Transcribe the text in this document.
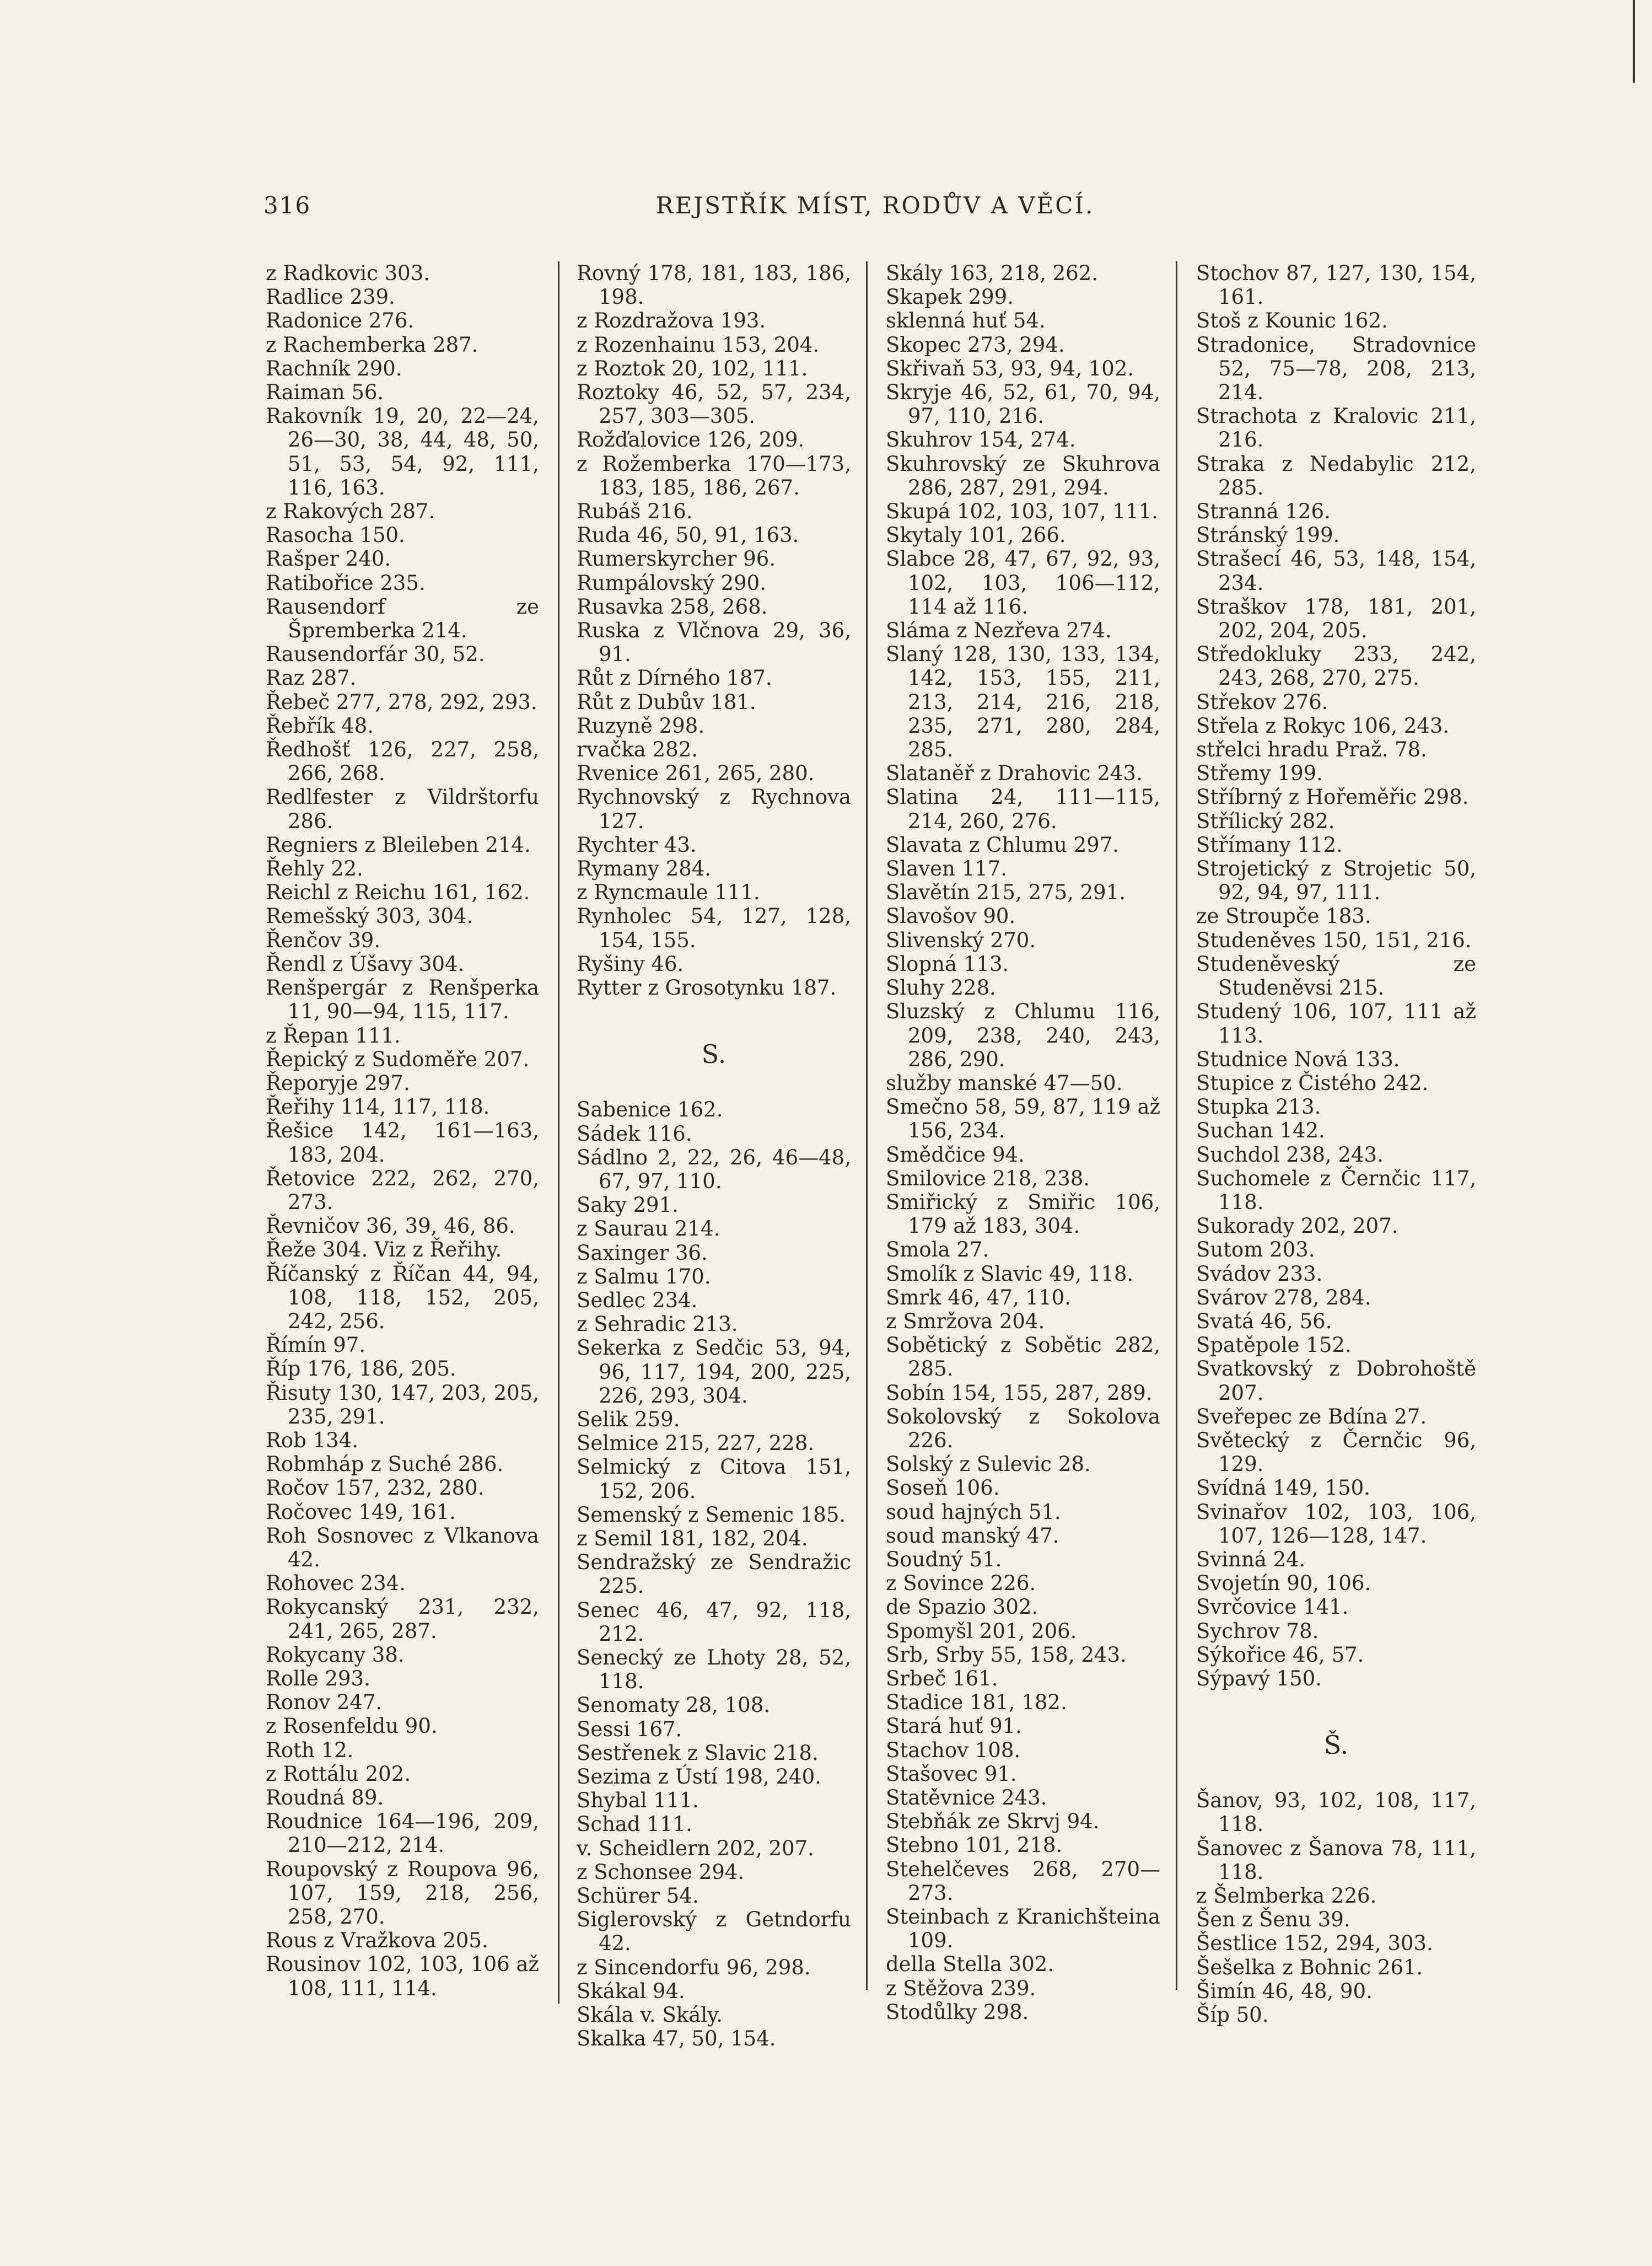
316	REJSTŘÍK MÍST, RODŮV A VĚCÍ.

z Radkovic 303.

Radlice 239.

Radonice 276.

z Rachemberka 287.

Rachník 290.

Raiman 56.

Rakovník 19, 20, 22—24, 26—30, 38, 44, 48, 50, 51, 53, 54, 92, 111, 116, 163.

z Rakových 287.

Rasocha 150.

Rašper 240.

Ratibořice 235.

Rausendorf ze Špremberka 214.

Rausendorfár 30, 52.

Raz 287.

Řebeč 277, 278, 292, 293.

Řebřík 48.

Ředhošť 126, 227, 258, 266, 268.

Redlfester z Vildrštorfu 286.

Regniers z Bleileben 214.

Řehly 22.

Reichl z Reichu 161, 162.

Remešský 303, 304.

Řenčov 39.

Řendl z Úšavy 304.

Renšpergár z Renšperka 11, 90—94, 115, 117.

z Řepan 111.

Řepický z Sudoměře 207.

Řeporyje 297.

Řeřihy 114, 117, 118.

Řešice 142, 161—163, 183, 204.

Řetovice 222, 262, 270, 273.

Řevničov 36, 39, 46, 86.

Řeže 304. Viz z Řeřihy.

Říčanský z Říčan 44, 94, 108, 118, 152, 205, 242, 256.

Římín 97.

Říp 176, 186, 205.

Řisuty 130, 147, 203, 205, 235, 291.

Rob 134.

Robmháp z Suché 286.

Ročov 157, 232, 280.

Ročovec 149, 161.

Roh Sosnovec z Vlkanova 42.

Rohovec 234.

Rokycanský 231, 232, 241, 265, 287.

Rokycany 38.

Rolle 293.

Ronov 247.

z Rosenfeldu 90.

Roth 12.

z Rottálu 202.

Roudná 89.

Roudnice 164—196, 209, 210—212, 214.

Roupovský z Roupova 96, 107, 159, 218, 256, 258, 270.

Rous z Vražkova 205.

Rousinov 102, 103, 106 až 108, 111, 114.

Rovný 178, 181, 183, 186, 198.

z Rozdražova 193.

z Rozenhainu 153, 204.

z Roztok 20, 102, 111.

Roztoky 46, 52, 57, 234, 257, 303—305.

Rožďalovice 126, 209.

z Rožemberka 170—173, 183, 185, 186, 267.

Rubáš 216.

Ruda 46, 50, 91, 163.

Rumerskyrcher 96.

Rumpálovský 290.

Rusavka 258, 268.

Ruska z Vlčnova 29, 36, 91.

Růt z Dírného 187.

Růt z Dubův 181.

Ruzyně 298.

rvačka 282.

Rvenice 261, 265, 280.

Rychnovský z Rychnova 127.

Rychter 43.

Rymany 284.

z Ryncmaule 111.

Rynholec 54, 127, 128, 154, 155.

Ryšiny 46.

Rytter z Grosotynku 187.

S.

Sabenice 162.

Sádek 116.

Sádlno 2, 22, 26, 46—48, 67, 97, 110.

Saky 291.

z Saurau 214.

Saxinger 36.

z Salmu 170.

Sedlec 234.

z Sehradic 213.

Sekerka z Sedčic 53, 94, 96, 117, 194, 200, 225, 226, 293, 304.

Selik 259.

Selmice 215, 227, 228.

Selmický z Citova 151, 152, 206.

Semenský z Semenic 185.

z Semil 181, 182, 204.

Sendražský ze Sendražic 225.

Senec 46, 47, 92, 118, 212.

Senecký ze Lhoty 28, 52, 118.

Senomaty 28, 108.

Sessi 167.

Sestřenek z Slavic 218.

Sezima z Ústí 198, 240.

Shybal 111.

Schad 111.

v. Scheidlern 202, 207.

z Schonsee 294.

Schürer 54.

Siglerovský z Getndorfu 42.

z Sincendorfu 96, 298.

Skákal 94.

Skála v. Skály.

Skalka 47, 50, 154.

Skály 163, 218, 262.

Skapek 299.

sklenná huť 54.

Skopec 273, 294.

Skřivaň 53, 93, 94, 102.

Skryje 46, 52, 61, 70, 94, 97, 110, 216.

Skuhrov 154, 274.

Skuhrovský ze Skuhrova 286, 287, 291, 294.

Skupá 102, 103, 107, 111.

Skytaly 101, 266.

Slabce 28, 47, 67, 92, 93, 102, 103, 106—112, 114 až 116.

Sláma z Nezřeva 274.

Slaný 128, 130, 133, 134, 142, 153, 155, 211, 213, 214, 216, 218, 235, 271, 280, 284, 285.

Slataněř z Drahovic 243.

Slatina 24, 111—115, 214, 260, 276.

Slavata z Chlumu 297.

Slaven 117.

Slavětín 215, 275, 291.

Slavošov 90.

Slivenský 270.

Slopná 113.

Sluhy 228.

Sluzský z Chlumu 116, 209, 238, 240, 243, 286, 290.

služby manské 47—50.

Smečno 58, 59, 87, 119 až 156, 234.

Smědčice 94.

Smilovice 218, 238.

Smiřický z Smiřic 106, 179 až 183, 304.

Smola 27.

Smolík z Slavic 49, 118.

Smrk 46, 47, 110.

z Smržova 204.

Sobětický z Sobětic 282, 285.

Sobín 154, 155, 287, 289.

Sokolovský z Sokolova 226.

Solský z Sulevic 28.

Soseň 106.

soud hajných 51.

soud manský 47.

Soudný 51.

z Sovince 226.

de Spazio 302.

Spomyšl 201, 206.

Srb, Srby 55, 158, 243.

Srbeč 161.

Stadice 181, 182.

Stará huť 91.

Stachov 108.

Stašovec 91.

Statěvnice 243.

Stebňák ze Skrvj 94.

Stebno 101, 218.

Stehelčeves 268, 270—273.

Steinbach z Kranichšteina 109.

della Stella 302.

z Stěžova 239.

Stodůlky 298.

Stochov 87, 127, 130, 154, 161.

Stoš z Kounic 162.

Stradonice, Stradovnice 52, 75—78, 208, 213, 214.

Strachota z Kralovic 211, 216.

Straka z Nedabylic 212, 285.

Stranná 126.

Stránský 199.

Strašecí 46, 53, 148, 154, 234.

Straškov 178, 181, 201, 202, 204, 205.

Středokluky 233, 242, 243, 268, 270, 275.

Střekov 276.

Střela z Rokyc 106, 243.

střelci hradu Praž. 78.

Střemy 199.

Stříbrný z Hořeměřic 298.

Střílický 282.

Střímany 112.

Strojetický z Strojetic 50, 92, 94, 97, 111.

ze Stroupče 183.

Studeněves 150, 151, 216.

Studeněveský ze Studeněvsi 215.

Studený 106, 107, 111 až 113.

Studnice Nová 133.

Stupice z Čistého 242.

Stupka 213.

Suchan 142.

Suchdol 238, 243.

Suchomele z Černčic 117, 118.

Sukorady 202, 207.

Sutom 203.

Svádov 233.

Svárov 278, 284.

Svatá 46, 56.

Spatěpole 152.

Svatkovský z Dobrohoště 207.

Sveřepec ze Bdína 27.

Světecký z Černčic 96, 129.

Svídná 149, 150.

Svinařov 102, 103, 106, 107, 126—128, 147.

Svinná 24.

Svojetín 90, 106.

Svrčovice 141.

Sychrov 78.

Sýkořice 46, 57.

Sýpavý 150.

Š.

Šanov, 93, 102, 108, 117, 118.

Šanovec z Šanova 78, 111, 118.

z Šelmberka 226.

Šen z Šenu 39.

Šestlice 152, 294, 303.

Šešelka z Bohnic 261.

Šimín 46, 48, 90.

Šíp 50.
